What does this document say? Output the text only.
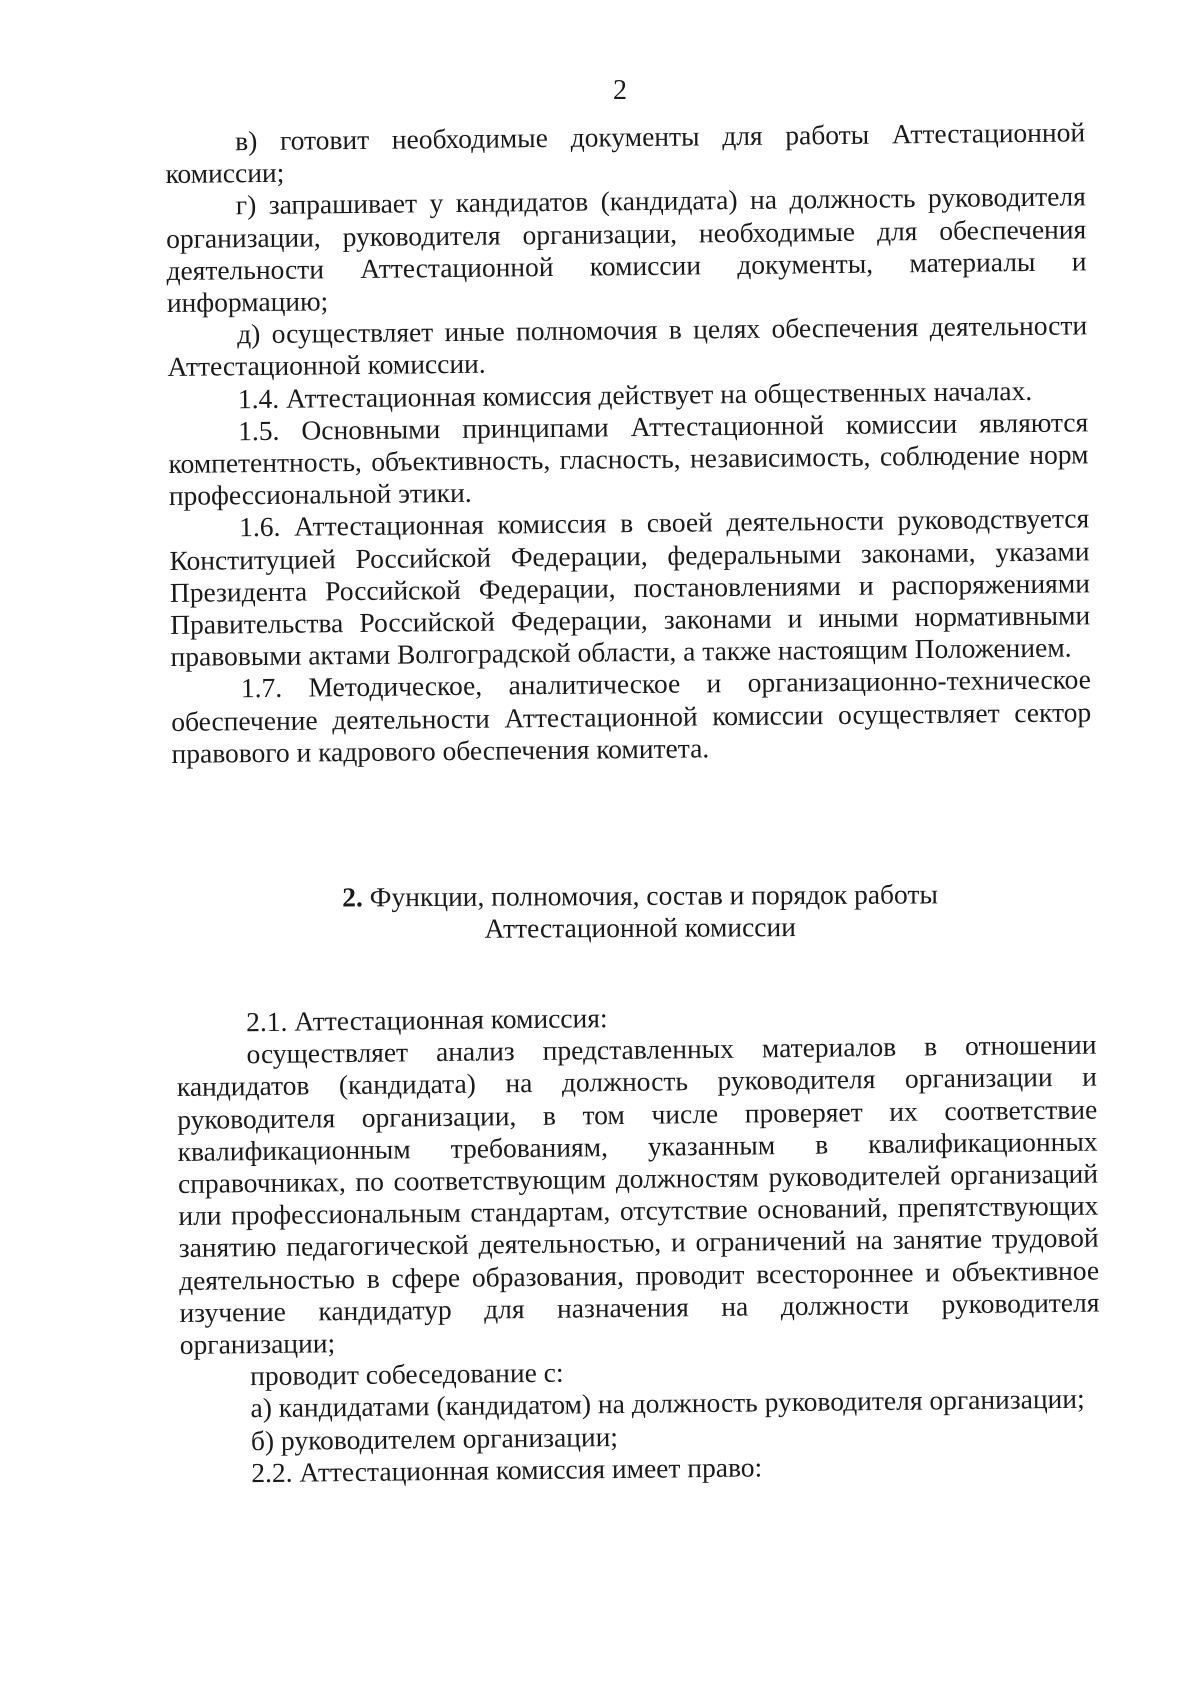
2

в) готовит необходимые документы для работы Аттестационной комиссии;

г) запрашивает у кандидатов (кандидата) на должность руководителя организации, руководителя организации, необходимые для обеспечения деятельности Аттестационной комиссии документы, материалы и информацию;

д) осуществляет иные полномочия в целях обеспечения деятельности Аттестационной комиссии.

1.4. Аттестационная комиссия действует на общественных началах.

1.5. Основными принципами Аттестационной комиссии являются компетентность, объективность, гласность, независимость, соблюдение норм профессиональной этики.

1.6. Аттестационная комиссия в своей деятельности руководствуется Конституцией Российской Федерации, федеральными законами, указами Президента Российской Федерации, постановлениями и распоряжениями Правительства Российской Федерации, законами и иными нормативными правовыми актами Волгоградской области, а также настоящим Положением.

1.7. Методическое, аналитическое и организационно-техническое обеспечение деятельности Аттестационной комиссии осуществляет сектор правового и кадрового обеспечения комитета.

2. Функции, полномочия, состав и порядок работы
Аттестационной комиссии

2.1. Аттестационная комиссия:

осуществляет анализ представленных материалов в отношении кандидатов (кандидата) на должность руководителя организации и руководителя организации, в том числе проверяет их соответствие квалификационным требованиям, указанным в квалификационных справочниках, по соответствующим должностям руководителей организаций или профессиональным стандартам, отсутствие оснований, препятствующих занятию педагогической деятельностью, и ограничений на занятие трудовой деятельностью в сфере образования, проводит всестороннее и объективное изучение кандидатур для назначения на должности руководителя организации;

проводит собеседование с:

а) кандидатами (кандидатом) на должность руководителя организации;

б) руководителем организации;

2.2. Аттестационная комиссия имеет право:
